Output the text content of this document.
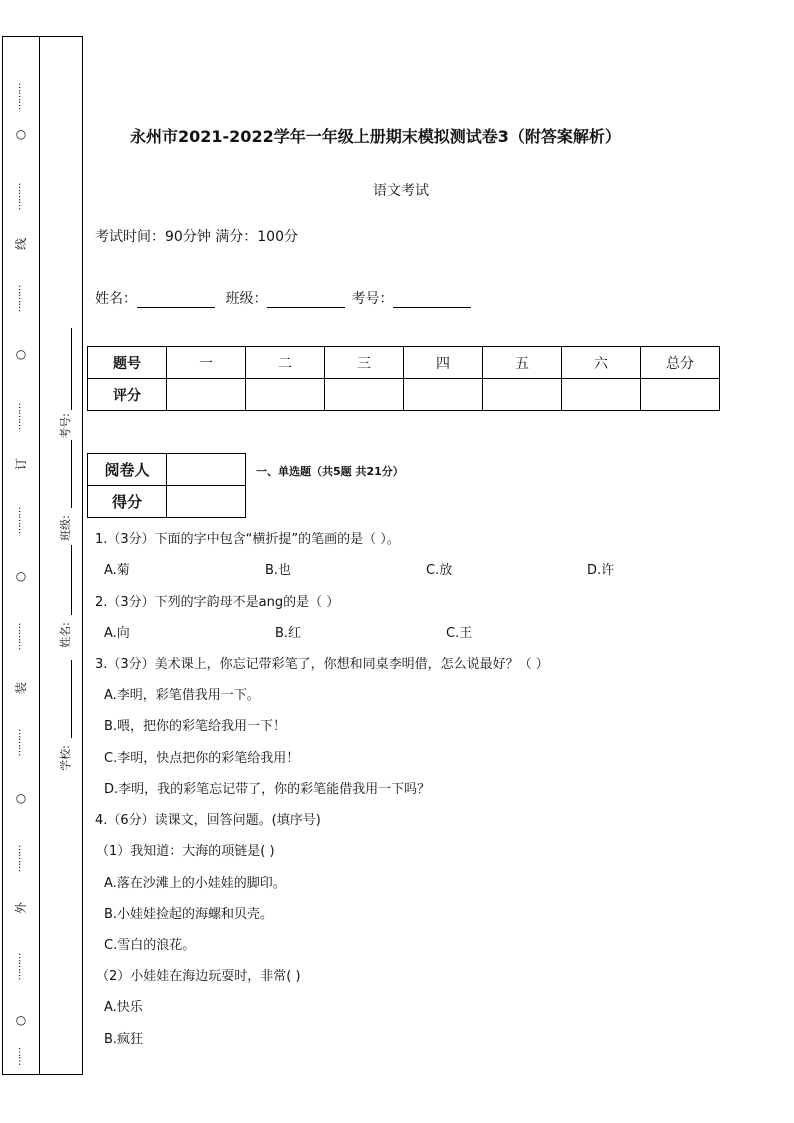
………
○
………
线
………
○
………
订
………
○
………
装
………
○
………
外
………
○
……
考号:
班级:
姓名:
学校:
永州市2021-2022学年一年级上册期末模拟测试卷3（附答案解析）
语文考试
考试时间：90分钟 满分：100分
姓名：	班级：	考号：
题号	一	二	三	四	五	六	总分
评分							
阅卷人	
得分	
一、单选题（共5题 共21分）
1.（3分）下面的字中包含“横折提”的笔画的是（ ）。
A.菊	B.也	C.放	D.许
2.（3分）下列的字韵母不是ang的是（ ）
A.向	B.红	C.王
3.（3分）美术课上，你忘记带彩笔了，你想和同桌李明借，怎么说最好？（ ）
A.李明，彩笔借我用一下。
B.喂，把你的彩笔给我用一下！
C.李明，快点把你的彩笔给我用！
D.李明，我的彩笔忘记带了，你的彩笔能借我用一下吗？
4.（6分）读课文，回答问题。(填序号)
（1）我知道：大海的项链是( )
A.落在沙滩上的小娃娃的脚印。
B.小娃娃捡起的海螺和贝壳。
C.雪白的浪花。
（2）小娃娃在海边玩耍时，非常( )
A.快乐
B.疯狂
